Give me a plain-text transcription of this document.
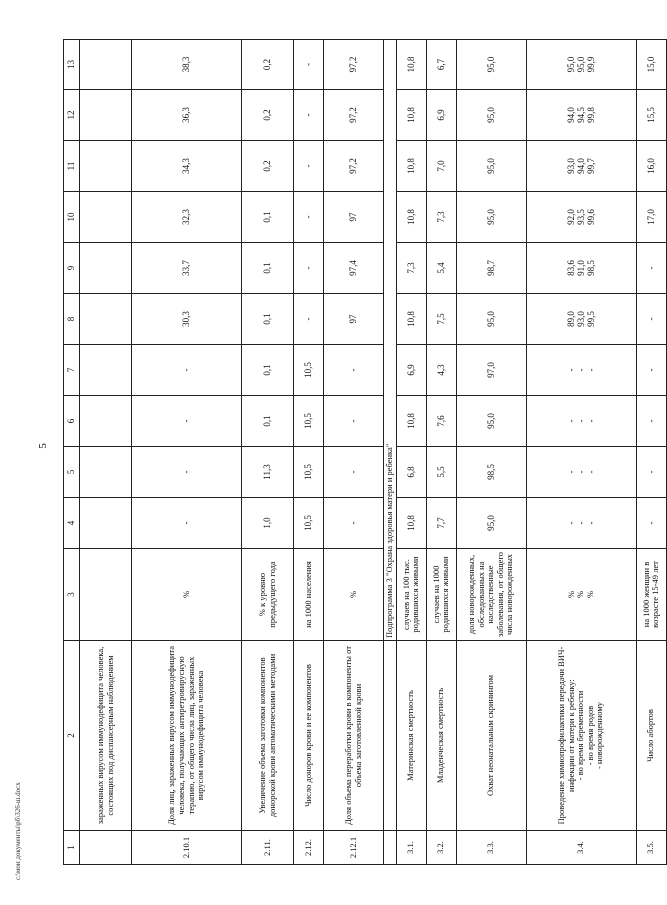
5
c:\мои документы\рб\326-ш.docx	1	2	3	4	5	6	7	8	9	10	11	12	13
	зараженных вирусом иммунодефицита человека, состоящих под диспансерным наблюдением											
2.10.1	Доля лиц, зараженных вирусом иммунодефицита человека, получающих антиретровирусную терапию, от общего числа лиц, зараженных вирусом иммунодефицита человека	%	-	-	-	-	30,3	33,7	32,3	34,3	36,3	38,3
2.11.	Увеличение объема заготовки компонентов донорской крови автоматическими методами	% к уровню предыдущего года	1,0	11,3	0,1	0,1	0,1	0,1	0,1	0,2	0,2	0,2
2.12.	Число доноров крови и ее компонентов	на 1000 населения	10,5	10,5	10,5	10,5	-	-	-	-	-	-
2.12.1	Доля объема переработки крови в компоненты от объема заготовленной крови	%	-	-	-	-	97	97,4	97	97,2	97,2	97,2
		Подпрограмма 3 "Охрана здоровья матери и ребенка"										
3.1.	Материнская смертность	случаев на 100 тыс. родившихся живыми	10,8	6,8	10,8	6,9	10,8	7,3	10,8	10,8	10,8	10,8
3.2.	Младенческая смертность	случаев на 1000 родившихся живыми	7,7	5,5	7,6	4,3	7,5	5,4	7,3	7,0	6,9	6,7
3.3.	Охват неонатальным скринингом	доля новорожденных, обследованных на наследственные заболевания, от общего числа новорожденных	95,0	98,5	95,0	97,0	95,0	98,7	95,0	95,0	95,0	95,0
3.4.	Проведение химиопрофилактики передачи ВИЧ-инфекции от матери к ребенку: - во время беременности - во время родов - новорожденному	% % %	- - -	- - -	- - -	- - -	89,0 93,0 99,5	83,6 91,0 98,5	92,0 93,5 99,6	93,0 94,0 99,7	94,0 94,5 99,8	95,0 95,0 99,9

3.5.	Число абортов	на 1000 женщин в возрасте 15-49 лет	-	-	-	-	-	-	17,0	16,0	15,5	15,0
